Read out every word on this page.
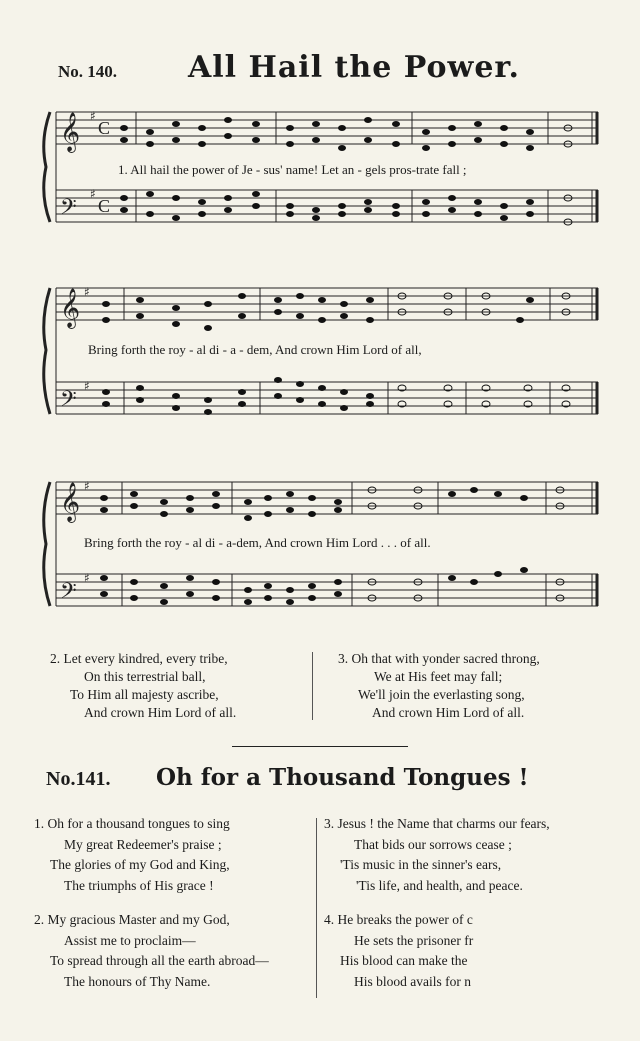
No. 140. All Hail the Power.
𝄞
𝄢
𝄞
𝄢
𝄞
𝄢
♯
♯
♯
♯
♯
♯
C
C
1. All hail the power of Je - sus' name! Let an - gels pros-trate fall ;
Bring forth the roy - al di - a - dem, And crown Him Lord of all,
Bring forth the roy - al di - a-dem, And crown Him Lord . . . of all.
2. Let every kindred, every tribe,
On this terrestrial ball,
To Him all majesty ascribe,
And crown Him Lord of all.
3. Oh that with yonder sacred throng,
We at His feet may fall;
We'll join the everlasting song,
And crown Him Lord of all.
No.141. Oh for a Thousand Tongues !
1. Oh for a thousand tongues to sing
My great Redeemer's praise ;
The glories of my God and King,
The triumphs of His grace !
2. My gracious Master and my God,
Assist me to proclaim—
To spread through all the earth abroad—
The honours of Thy Name.
3. Jesus ! the Name that charms our fears,
That bids our sorrows cease ;
'Tis music in the sinner's ears,
'Tis life, and health, and peace.
4. He breaks the power of c
He sets the prisoner fr
His blood can make the
His blood avails for n
